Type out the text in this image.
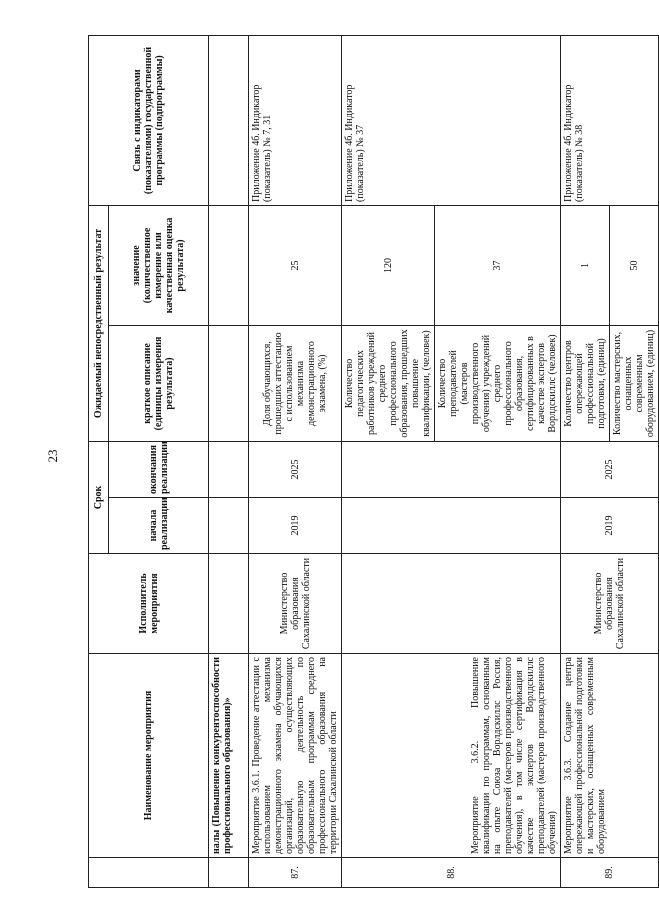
23
	Наименование мероприятия	Исполнитель мероприятия	Срок		Ожидаемый непосредственный результат		Связь с индикаторами (показателями) государственной программы (подпрограммы)
			начала реализации	окончания реализации	краткое описание (единицы измерения результата)	значение (количественное измерение или качественная оценка результата)	
	налы (Повышение конкурентоспособности профессионального образования)»						
87.	Мероприятие 3.6.1. Проведение аттестации с использованием механизма демонстрационного экзамена обучающихся организаций, осуществляющих образовательную деятельность по образовательным программам среднего профессионального образования на территории Сахалинской области	Министерство образования Сахалинской области	2019	2025	Доля обучающихся, прошедших аттестацию с использованием механизма демонстрационного экзамена, (%)	25	Приложение 4б. Индикатор (показатель) № 7, 31
88.	Мероприятие 3.6.2. Повышение квалификации по программам, основанным на опыте Союза Ворлдскиллс Россия, преподавателей (мастеров производственного обучения), в том числе сертификация в качестве экспертов Ворлдскиллс преподавателей (мастеров производственного обучения)				Количество педагогических работников учреждений среднего профессионального образования, прошедших повышение квалификации, (человек)	120	Приложение 4б. Индикатор (показатель) № 37
					Количество преподавателей (мастеров производственного обучения) учреждений среднего профессионального образования, сертифицированных в качестве экспертов Ворлдскиллс (человек)	37	
89.	Мероприятие 3.6.3. Создание центра опережающей профессиональной подготовки и мастерских, оснащенных современным оборудованием	Министерство образования Сахалинской области	2019	2025	Количество центров опережающей профессиональной подготовки, (единиц)	1	Приложение 4б. Индикатор (показатель) № 38
					Количество мастерских, оснащенных современным оборудованием, (единиц)	50	
